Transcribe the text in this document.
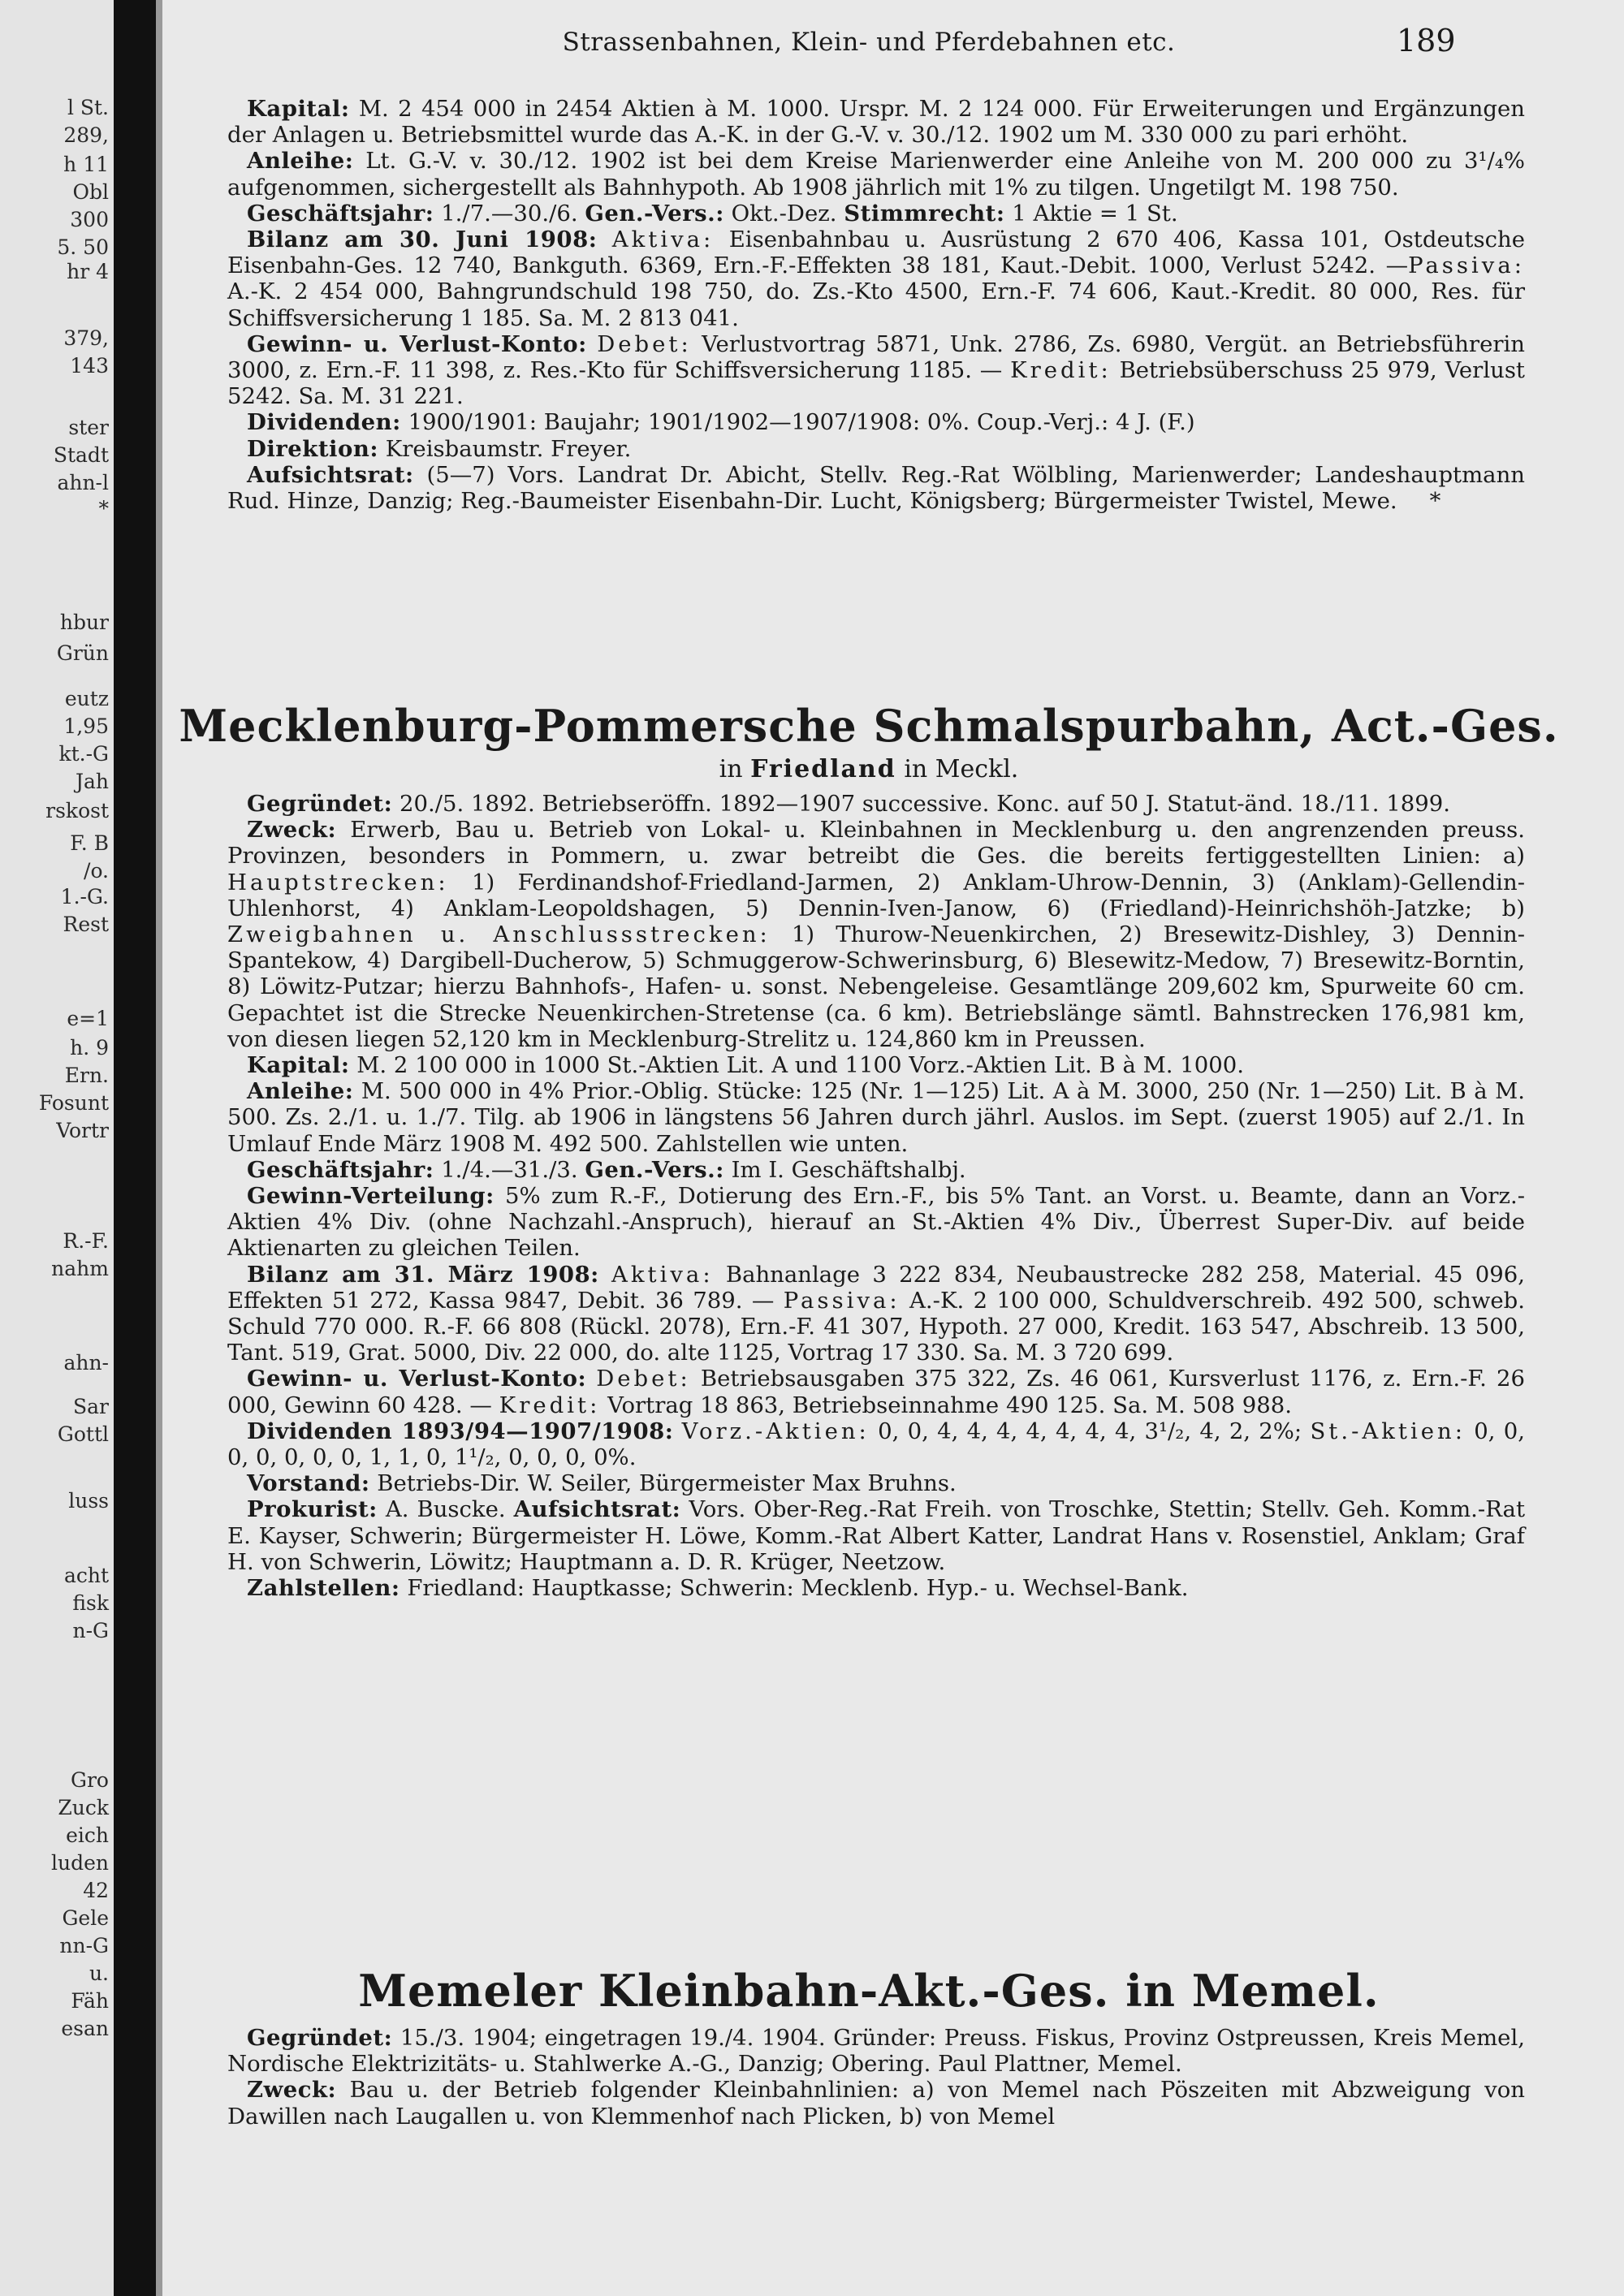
l St.
289,
h 11
Obl
300
5. 50
hr 4
379,
143
ster
Stadt
ahn-l
*
hbur
Grün
eutz
1,95
kt.-G
Jah
rskost
F. B
/o.
1.-G.
Rest
e=1
h. 9
Ern.
Fosunt
Vortr
R.-F.
nahm
ahn-
Sar
Gottl
luss
acht
fisk
n-G
Gro
Zuck
eich
luden
42
Gele
nn-G
u.
Fäh
esan
Strassenbahnen, Klein- und Pferdebahnen etc.	189

Kapital: M. 2 454 000 in 2454 Aktien à M. 1000. Urspr. M. 2 124 000. Für Erweiterungen und Ergänzungen der Anlagen u. Betriebsmittel wurde das A.-K. in der G.-V. v. 30./12. 1902 um M. 330 000 zu pari erhöht.

Anleihe: Lt. G.-V. v. 30./12. 1902 ist bei dem Kreise Marienwerder eine Anleihe von M. 200 000 zu 3¹/₄% aufgenommen, sichergestellt als Bahnhypoth. Ab 1908 jährlich mit 1% zu tilgen. Ungetilgt M. 198 750.

Geschäftsjahr: 1./7.—30./6. Gen.-Vers.: Okt.-Dez. Stimmrecht: 1 Aktie = 1 St.

Bilanz am 30. Juni 1908: Aktiva: Eisenbahnbau u. Ausrüstung 2 670 406, Kassa 101, Ostdeutsche Eisenbahn-Ges. 12 740, Bankguth. 6369, Ern.-F.-Effekten 38 181, Kaut.-Debit. 1000, Verlust 5242. —Passiva: A.-K. 2 454 000, Bahngrundschuld 198 750, do. Zs.-Kto 4500, Ern.-F. 74 606, Kaut.-Kredit. 80 000, Res. für Schiffsversicherung 1 185. Sa. M. 2 813 041.

Gewinn- u. Verlust-Konto: Debet: Verlustvortrag 5871, Unk. 2786, Zs. 6980, Vergüt. an Betriebsführerin 3000, z. Ern.-F. 11 398, z. Res.-Kto für Schiffsversicherung 1185. — Kredit: Betriebsüberschuss 25 979, Verlust 5242. Sa. M. 31 221.

Dividenden: 1900/1901: Baujahr; 1901/1902—1907/1908: 0%. Coup.-Verj.: 4 J. (F.)

Direktion: Kreisbaumstr. Freyer.

Aufsichtsrat: (5—7) Vors. Landrat Dr. Abicht, Stellv. Reg.-Rat Wölbling, Marienwerder; Landeshauptmann Rud. Hinze, Danzig; Reg.-Baumeister Eisenbahn-Dir. Lucht, Königsberg; Bürgermeister Twistel, Mewe. *

Mecklenburg-Pommersche Schmalspurbahn, Act.-Ges.
in Friedland in Meckl.

Gegründet: 20./5. 1892. Betriebseröffn. 1892—1907 successive. Konc. auf 50 J. Statut-änd. 18./11. 1899.

Zweck: Erwerb, Bau u. Betrieb von Lokal- u. Kleinbahnen in Mecklenburg u. den angrenzenden preuss. Provinzen, besonders in Pommern, u. zwar betreibt die Ges. die bereits fertiggestellten Linien: a) Hauptstrecken: 1) Ferdinandshof-Friedland-Jarmen, 2) Anklam-Uhrow-Dennin, 3) (Anklam)-Gellendin-Uhlenhorst, 4) Anklam-Leopoldshagen, 5) Dennin-Iven-Janow, 6) (Friedland)-Heinrichshöh-Jatzke; b) Zweigbahnen u. Anschlussstrecken: 1) Thurow-Neuenkirchen, 2) Bresewitz-Dishley, 3) Dennin-Spantekow, 4) Dargibell-Ducherow, 5) Schmuggerow-Schwerinsburg, 6) Blesewitz-Medow, 7) Bresewitz-Borntin, 8) Löwitz-Putzar; hierzu Bahnhofs-, Hafen- u. sonst. Nebengeleise. Gesamtlänge 209,602 km, Spurweite 60 cm. Gepachtet ist die Strecke Neuenkirchen-Stretense (ca. 6 km). Betriebslänge sämtl. Bahnstrecken 176,981 km, von diesen liegen 52,120 km in Mecklenburg-Strelitz u. 124,860 km in Preussen.

Kapital: M. 2 100 000 in 1000 St.-Aktien Lit. A und 1100 Vorz.-Aktien Lit. B à M. 1000.

Anleihe: M. 500 000 in 4% Prior.-Oblig. Stücke: 125 (Nr. 1—125) Lit. A à M. 3000, 250 (Nr. 1—250) Lit. B à M. 500. Zs. 2./1. u. 1./7. Tilg. ab 1906 in längstens 56 Jahren durch jährl. Auslos. im Sept. (zuerst 1905) auf 2./1. In Umlauf Ende März 1908 M. 492 500. Zahlstellen wie unten.

Geschäftsjahr: 1./4.—31./3. Gen.-Vers.: Im I. Geschäftshalbj.

Gewinn-Verteilung: 5% zum R.-F., Dotierung des Ern.-F., bis 5% Tant. an Vorst. u. Beamte, dann an Vorz.-Aktien 4% Div. (ohne Nachzahl.-Anspruch), hierauf an St.-Aktien 4% Div., Überrest Super-Div. auf beide Aktienarten zu gleichen Teilen.

Bilanz am 31. März 1908: Aktiva: Bahnanlage 3 222 834, Neubaustrecke 282 258, Material. 45 096, Effekten 51 272, Kassa 9847, Debit. 36 789. — Passiva: A.-K. 2 100 000, Schuldverschreib. 492 500, schweb. Schuld 770 000. R.-F. 66 808 (Rückl. 2078), Ern.-F. 41 307, Hypoth. 27 000, Kredit. 163 547, Abschreib. 13 500, Tant. 519, Grat. 5000, Div. 22 000, do. alte 1125, Vortrag 17 330. Sa. M. 3 720 699.

Gewinn- u. Verlust-Konto: Debet: Betriebsausgaben 375 322, Zs. 46 061, Kursverlust 1176, z. Ern.-F. 26 000, Gewinn 60 428. — Kredit: Vortrag 18 863, Betriebseinnahme 490 125. Sa. M. 508 988.

Dividenden 1893/94—1907/1908: Vorz.-Aktien: 0, 0, 4, 4, 4, 4, 4, 4, 4, 3¹/₂, 4, 2, 2%; St.-Aktien: 0, 0, 0, 0, 0, 0, 0, 1, 1, 0, 1¹/₂, 0, 0, 0, 0%.

Vorstand: Betriebs-Dir. W. Seiler, Bürgermeister Max Bruhns.

Prokurist: A. Buscke. Aufsichtsrat: Vors. Ober-Reg.-Rat Freih. von Troschke, Stettin; Stellv. Geh. Komm.-Rat E. Kayser, Schwerin; Bürgermeister H. Löwe, Komm.-Rat Albert Katter, Landrat Hans v. Rosenstiel, Anklam; Graf H. von Schwerin, Löwitz; Hauptmann a. D. R. Krüger, Neetzow.

Zahlstellen: Friedland: Hauptkasse; Schwerin: Mecklenb. Hyp.- u. Wechsel-Bank.

Memeler Kleinbahn-Akt.-Ges. in Memel.

Gegründet: 15./3. 1904; eingetragen 19./4. 1904. Gründer: Preuss. Fiskus, Provinz Ostpreussen, Kreis Memel, Nordische Elektrizitäts- u. Stahlwerke A.-G., Danzig; Obering. Paul Plattner, Memel.

Zweck: Bau u. der Betrieb folgender Kleinbahnlinien: a) von Memel nach Pöszeiten mit Abzweigung von Dawillen nach Laugallen u. von Klemmenhof nach Plicken, b) von Memel
